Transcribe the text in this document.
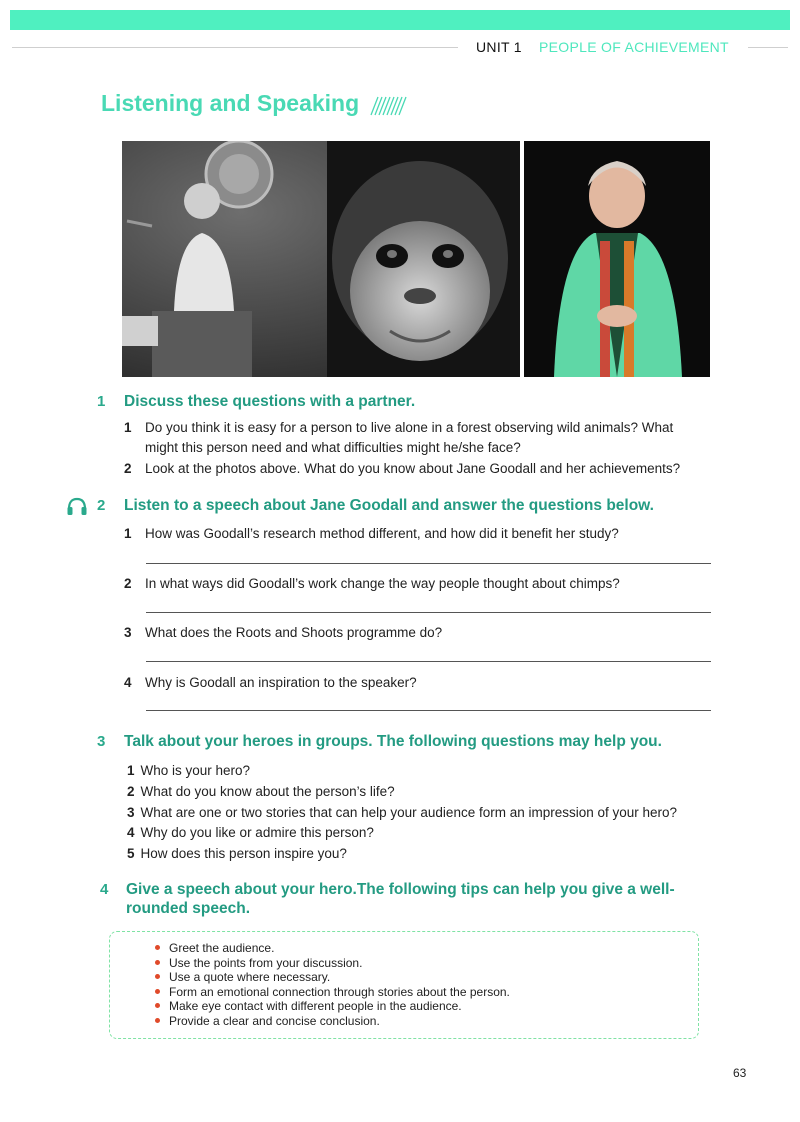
UNIT 1 PEOPLE OF ACHIEVEMENT
Listening and Speaking
1 Discuss these questions with a partner.
1 Do you think it is easy for a person to live alone in a forest observing wild animals? What
might this person need and what difficulties might he/she face?
2 Look at the photos above. What do you know about Jane Goodall and her achievements?
2 Listen to a speech about Jane Goodall and answer the questions below.
1 How was Goodall’s research method different, and how did it benefit her study?
2 In what ways did Goodall’s work change the way people thought about chimps?
3 What does the Roots and Shoots programme do?
4 Why is Goodall an inspiration to the speaker?
3 Talk about your heroes in groups. The following questions may help you.
1 Who is your hero?
2 What do you know about the person’s life?
3 What are one or two stories that can help your audience form an impression of your hero?
4 Why do you like or admire this person?
5 How does this person inspire you?
4 Give a speech about your hero.The following tips can help you give a well-
rounded speech.
Greet the audience.
Use the points from your discussion.
Use a quote where necessary.
Form an emotional connection through stories about the person.
Make eye contact with different people in the audience.
Provide a clear and concise conclusion.
63
